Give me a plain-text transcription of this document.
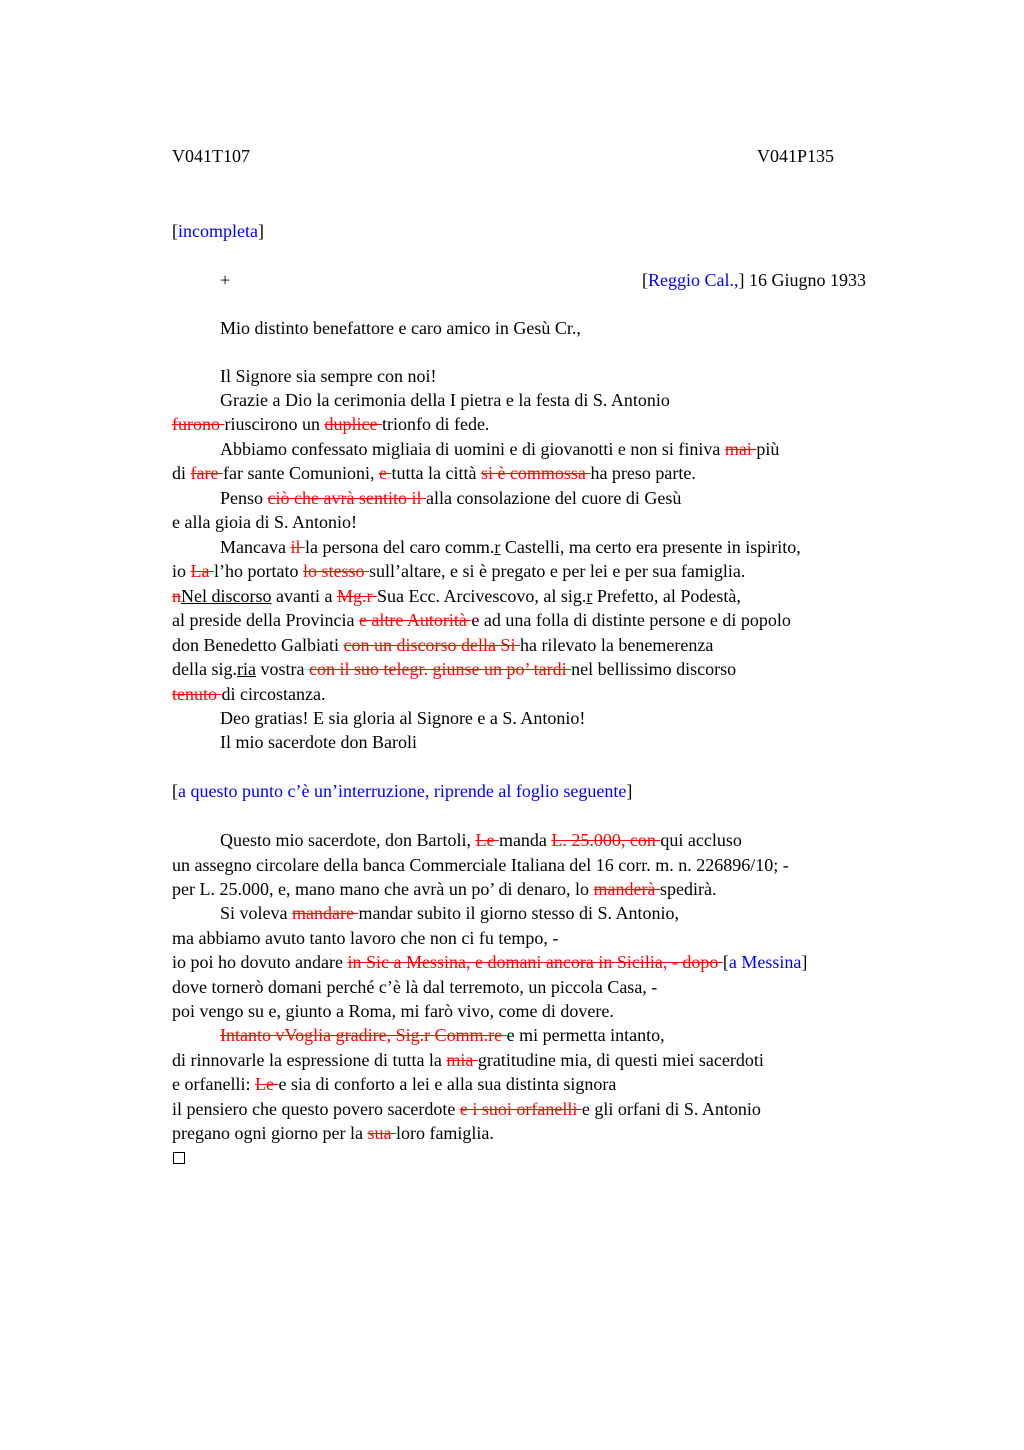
V041T107	V041P135
[incompleta]
+	[Reggio Cal.,] 16 Giugno 1933
Mio distinto benefattore e caro amico in Gesù Cr.,
Il Signore sia sempre con noi!
Grazie a Dio la cerimonia della I pietra e la festa di S. Antonio
furono riuscirono un duplice trionfo di fede.
Abbiamo confessato migliaia di uomini e di giovanotti e non si finiva mai più
di fare far sante Comunioni, e tutta la città si è commossa ha preso parte.
Penso ciò che avrà sentito il alla consolazione del cuore di Gesù
e alla gioia di S. Antonio!
Mancava il la persona del caro comm.r Castelli, ma certo era presente in ispirito,
io La l’ho portato lo stesso sull’altare, e si è pregato e per lei e per sua famiglia.
nNel discorso avanti a Mg.r Sua Ecc. Arcivescovo, al sig.r Prefetto, al Podestà,
al preside della Provincia e altre Autorità e ad una folla di distinte persone e di popolo
don Benedetto Galbiati con un discorso della Si ha rilevato la benemerenza
della sig.ria vostra con il suo telegr. giunse un po’ tardi nel bellissimo discorso
tenuto di circostanza.
Deo gratias! E sia gloria al Signore e a S. Antonio!
Il mio sacerdote don Baroli
[a questo punto c’è un’interruzione, riprende al foglio seguente]
Questo mio sacerdote, don Bartoli, Le manda L. 25.000, con qui accluso
un assegno circolare della banca Commerciale Italiana del 16 corr. m. n. 226896/10; -
per L. 25.000, e, mano mano che avrà un po’ di denaro, lo manderà spedirà.
Si voleva mandare mandar subito il giorno stesso di S. Antonio,
ma abbiamo avuto tanto lavoro che non ci fu tempo, -
io poi ho dovuto andare in Sic a Messina, e domani ancora in Sicilia, - dopo [a Messina]
dove tornerò domani perché c’è là dal terremoto, un piccola Casa, -
poi vengo su e, giunto a Roma, mi farò vivo, come di dovere.
Intanto vVoglia gradire, Sig.r Comm.re e mi permetta intanto,
di rinnovarle la espressione di tutta la mia gratitudine mia, di questi miei sacerdoti
e orfanelli: Le e sia di conforto a lei e alla sua distinta signora
il pensiero che questo povero sacerdote e i suoi orfanelli e gli orfani di S. Antonio
pregano ogni giorno per la sua loro famiglia.
